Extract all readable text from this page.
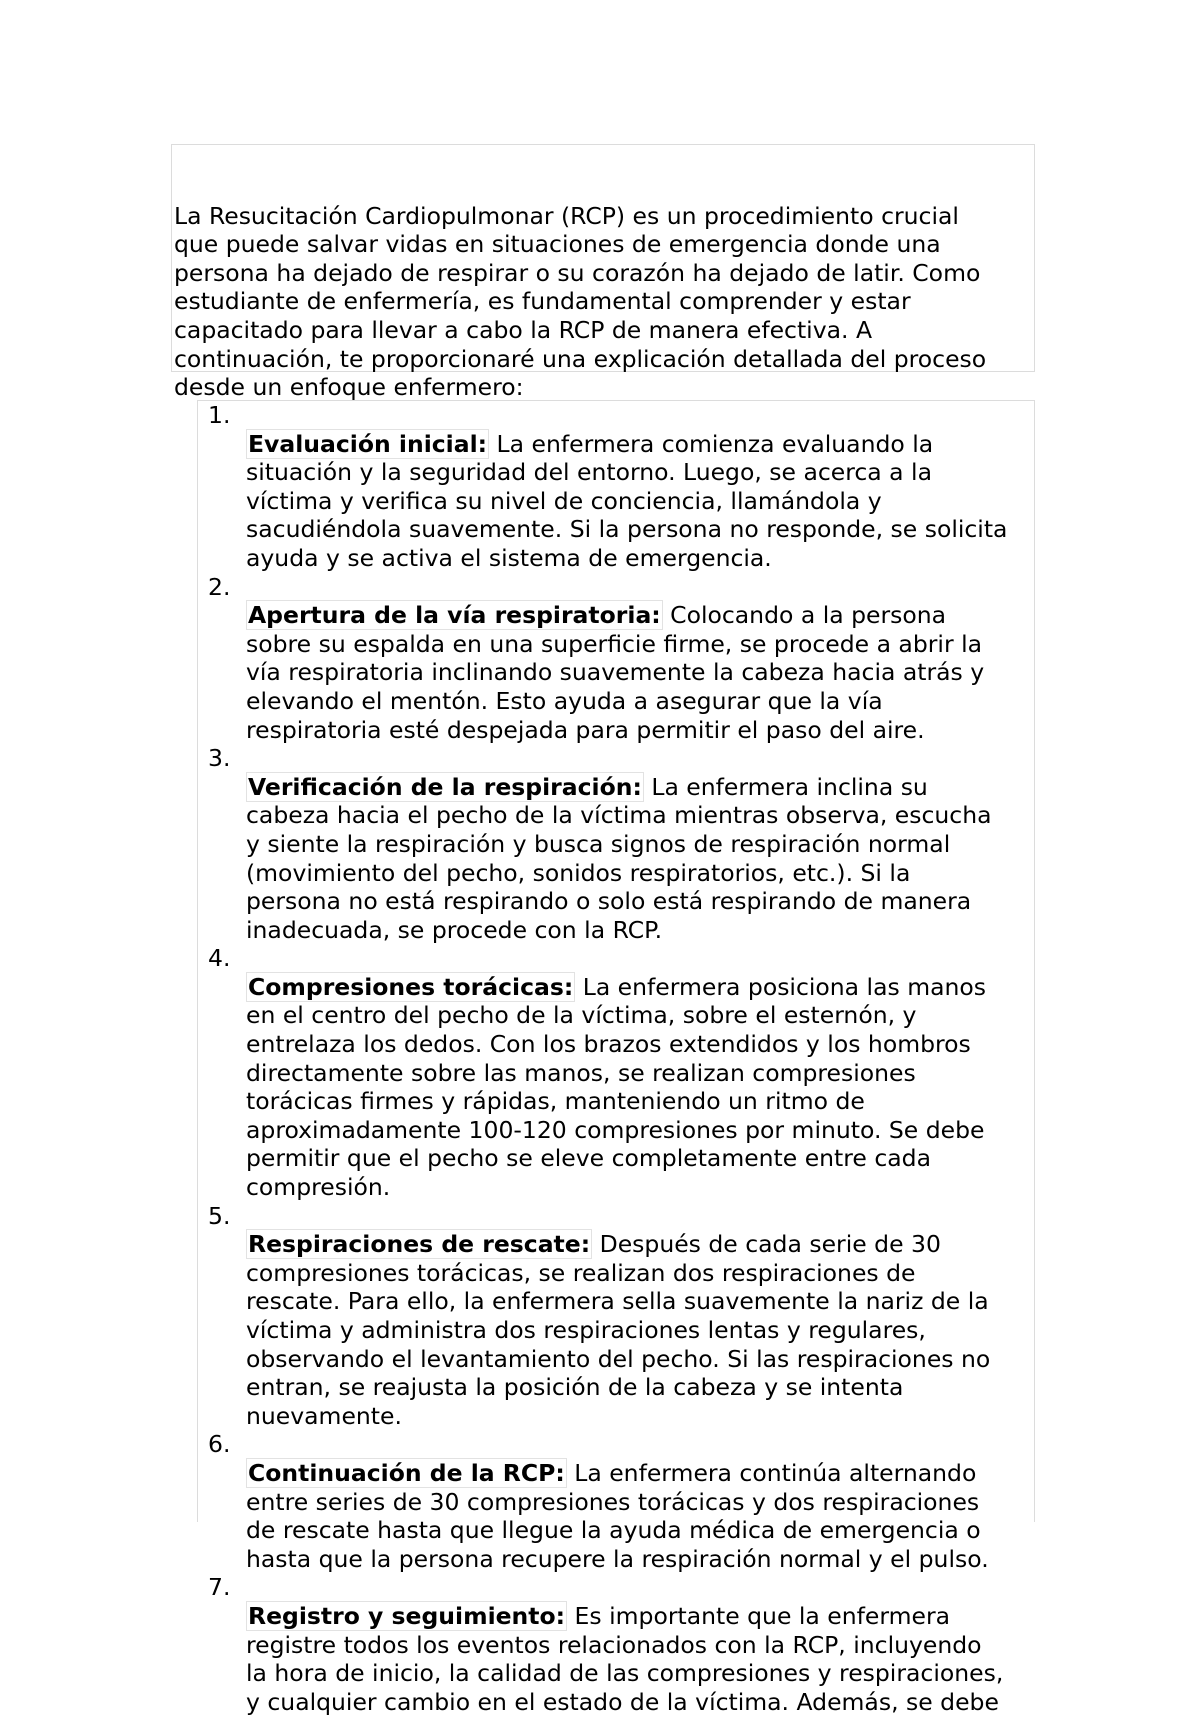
La Resucitación Cardiopulmonar (RCP) es un procedimiento crucial
que puede salvar vidas en situaciones de emergencia donde una
persona ha dejado de respirar o su corazón ha dejado de latir. Como
estudiante de enfermería, es fundamental comprender y estar
capacitado para llevar a cabo la RCP de manera efectiva. A
continuación, te proporcionaré una explicación detallada del proceso
desde un enfoque enfermero:

1.
Evaluación inicial: La enfermera comienza evaluando la
situación y la seguridad del entorno. Luego, se acerca a la
víctima y verifica su nivel de conciencia, llamándola y
sacudiéndola suavemente. Si la persona no responde, se solicita
ayuda y se activa el sistema de emergencia.

2.
Apertura de la vía respiratoria: Colocando a la persona
sobre su espalda en una superficie firme, se procede a abrir la
vía respiratoria inclinando suavemente la cabeza hacia atrás y
elevando el mentón. Esto ayuda a asegurar que la vía
respiratoria esté despejada para permitir el paso del aire.

3.
Verificación de la respiración: La enfermera inclina su
cabeza hacia el pecho de la víctima mientras observa, escucha
y siente la respiración y busca signos de respiración normal
(movimiento del pecho, sonidos respiratorios, etc.). Si la
persona no está respirando o solo está respirando de manera
inadecuada, se procede con la RCP.

4.
Compresiones torácicas: La enfermera posiciona las manos
en el centro del pecho de la víctima, sobre el esternón, y
entrelaza los dedos. Con los brazos extendidos y los hombros
directamente sobre las manos, se realizan compresiones
torácicas firmes y rápidas, manteniendo un ritmo de
aproximadamente 100-120 compresiones por minuto. Se debe
permitir que el pecho se eleve completamente entre cada
compresión.

5.
Respiraciones de rescate: Después de cada serie de 30
compresiones torácicas, se realizan dos respiraciones de
rescate. Para ello, la enfermera sella suavemente la nariz de la
víctima y administra dos respiraciones lentas y regulares,
observando el levantamiento del pecho. Si las respiraciones no
entran, se reajusta la posición de la cabeza y se intenta
nuevamente.

6.
Continuación de la RCP: La enfermera continúa alternando
entre series de 30 compresiones torácicas y dos respiraciones
de rescate hasta que llegue la ayuda médica de emergencia o
hasta que la persona recupere la respiración normal y el pulso.

7.
Registro y seguimiento: Es importante que la enfermera
registre todos los eventos relacionados con la RCP, incluyendo
la hora de inicio, la calidad de las compresiones y respiraciones,
y cualquier cambio en el estado de la víctima. Además, se debe
